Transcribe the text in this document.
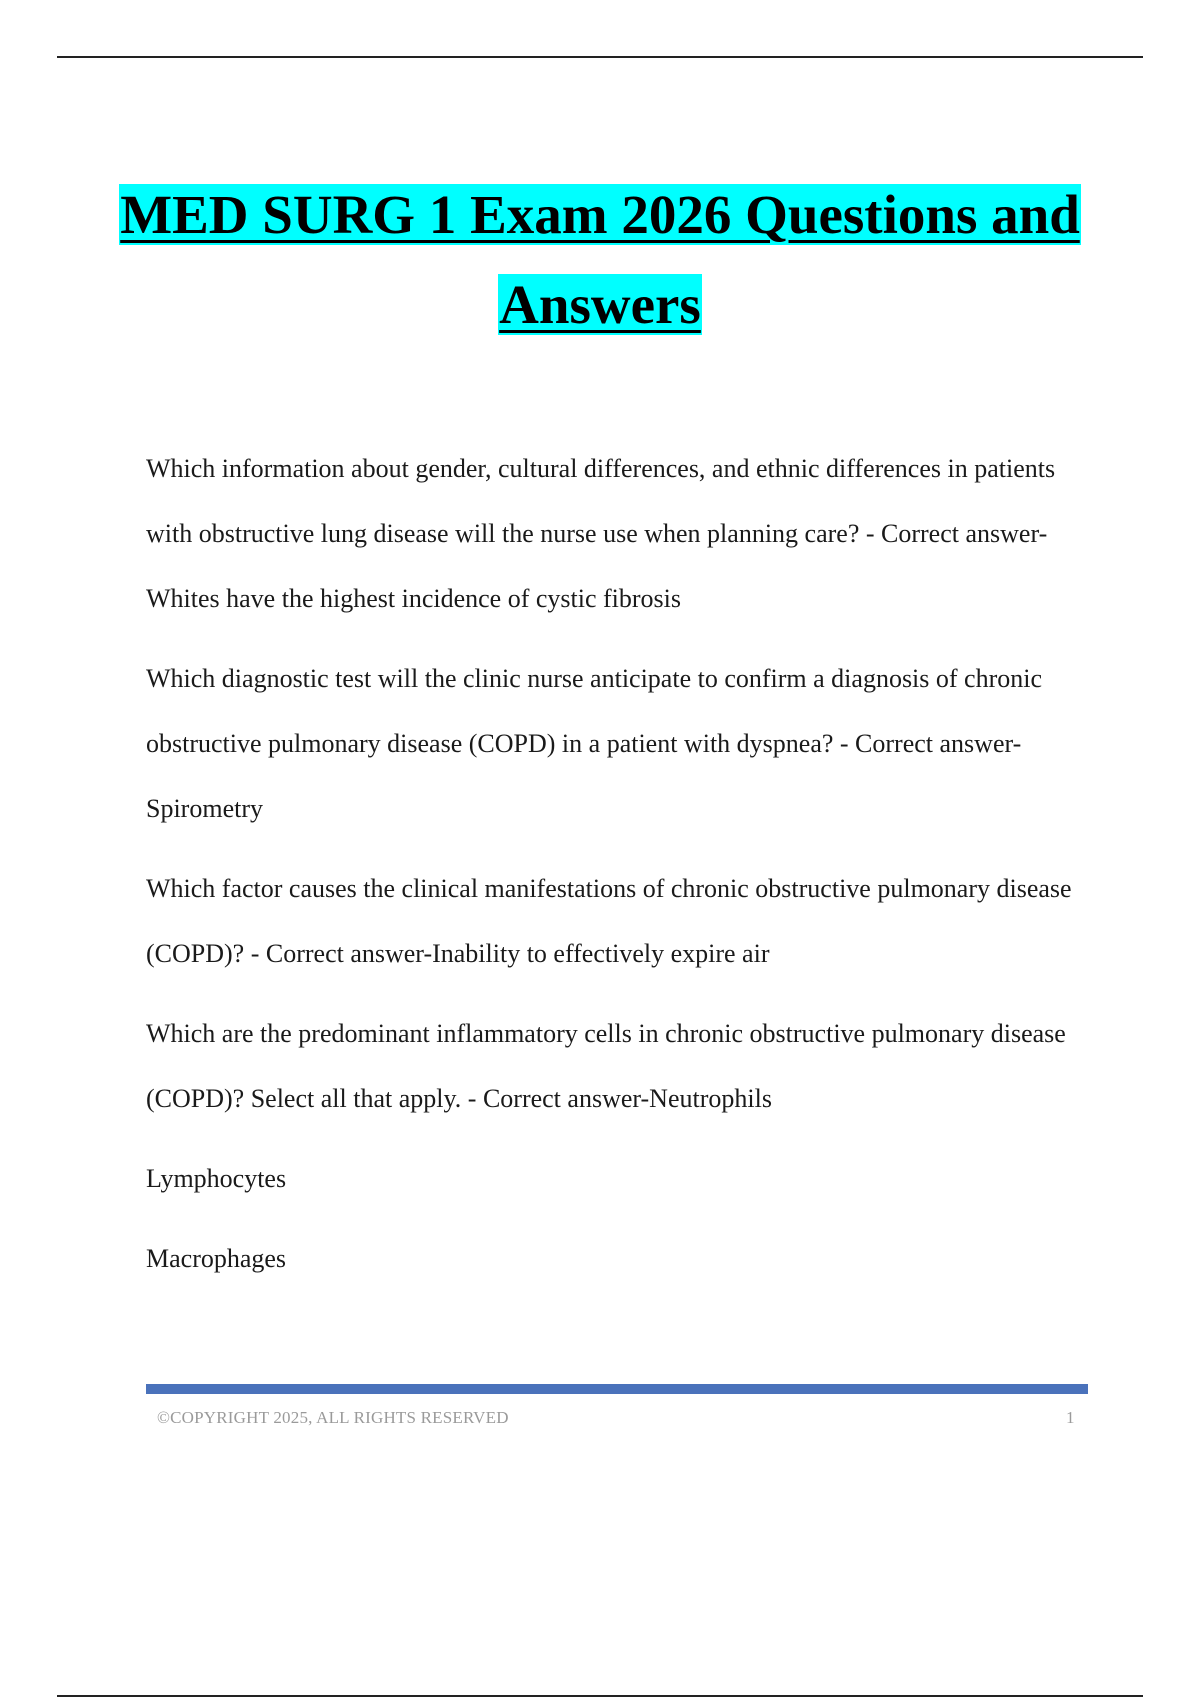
MED SURG 1 Exam 2026 Questions and
Answers

Which information about gender, cultural differences, and ethnic differences in patients with obstructive lung disease will the nurse use when planning care? - Correct answer-Whites have the highest incidence of cystic fibrosis

Which diagnostic test will the clinic nurse anticipate to confirm a diagnosis of chronic obstructive pulmonary disease (COPD) in a patient with dyspnea? - Correct answer-Spirometry

Which factor causes the clinical manifestations of chronic obstructive pulmonary disease (COPD)? - Correct answer-Inability to effectively expire air

Which are the predominant inflammatory cells in chronic obstructive pulmonary disease (COPD)? Select all that apply. - Correct answer-Neutrophils

Lymphocytes

Macrophages

©COPYRIGHT 2025, ALL RIGHTS RESERVED	1
